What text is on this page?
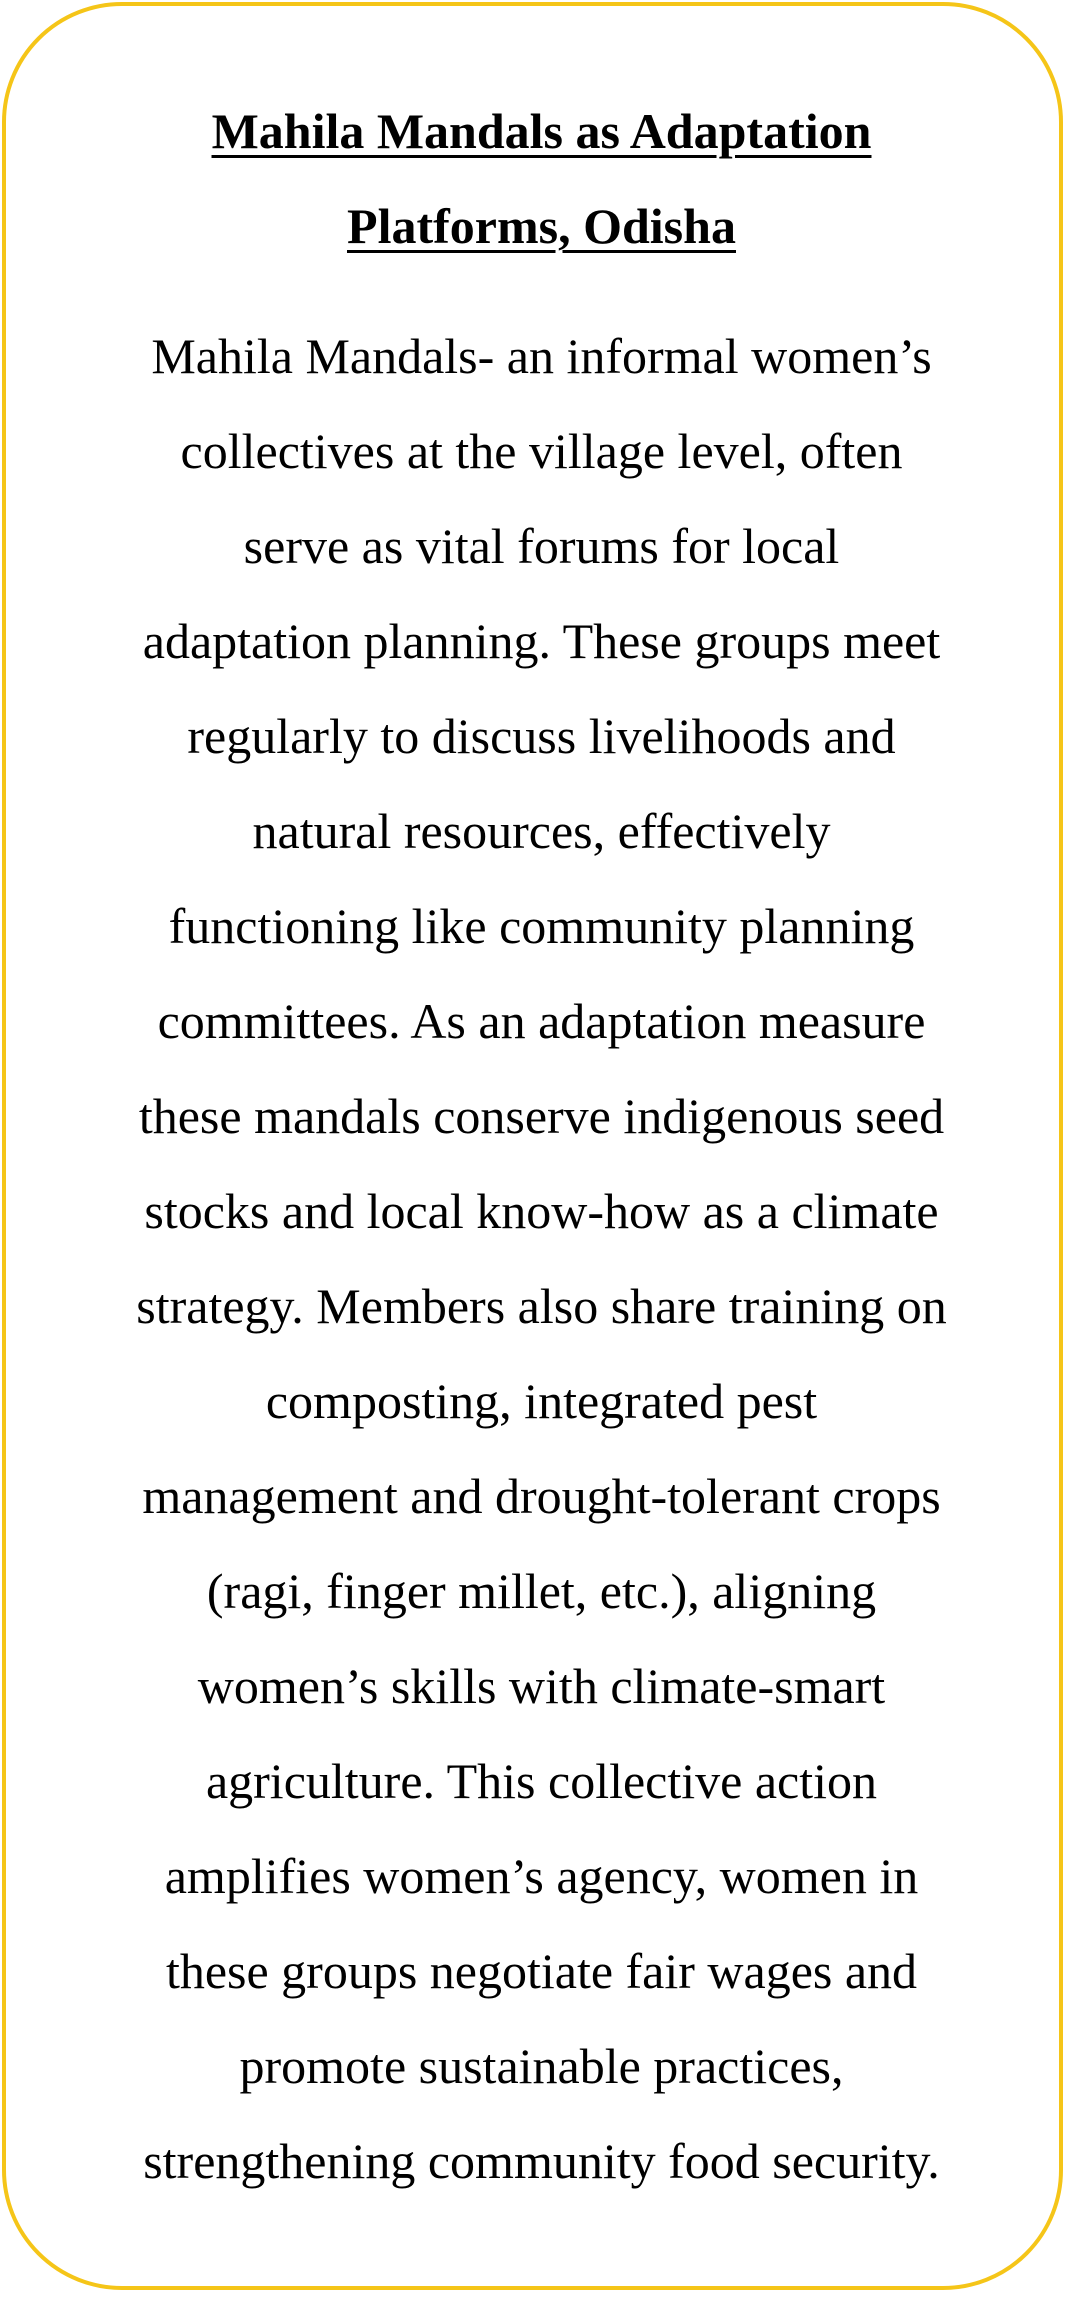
Mahila Mandals as Adaptation
Platforms, Odisha

Mahila Mandals- an informal women’s
collectives at the village level, often
serve as vital forums for local
adaptation planning. These groups meet
regularly to discuss livelihoods and
natural resources, effectively
functioning like community planning
committees. As an adaptation measure
these mandals conserve indigenous seed
stocks and local know-how as a climate
strategy. Members also share training on
composting, integrated pest
management and drought-tolerant crops
(ragi, finger millet, etc.), aligning
women’s skills with climate-smart
agriculture. This collective action
amplifies women’s agency, women in
these groups negotiate fair wages and
promote sustainable practices,
strengthening community food security.
